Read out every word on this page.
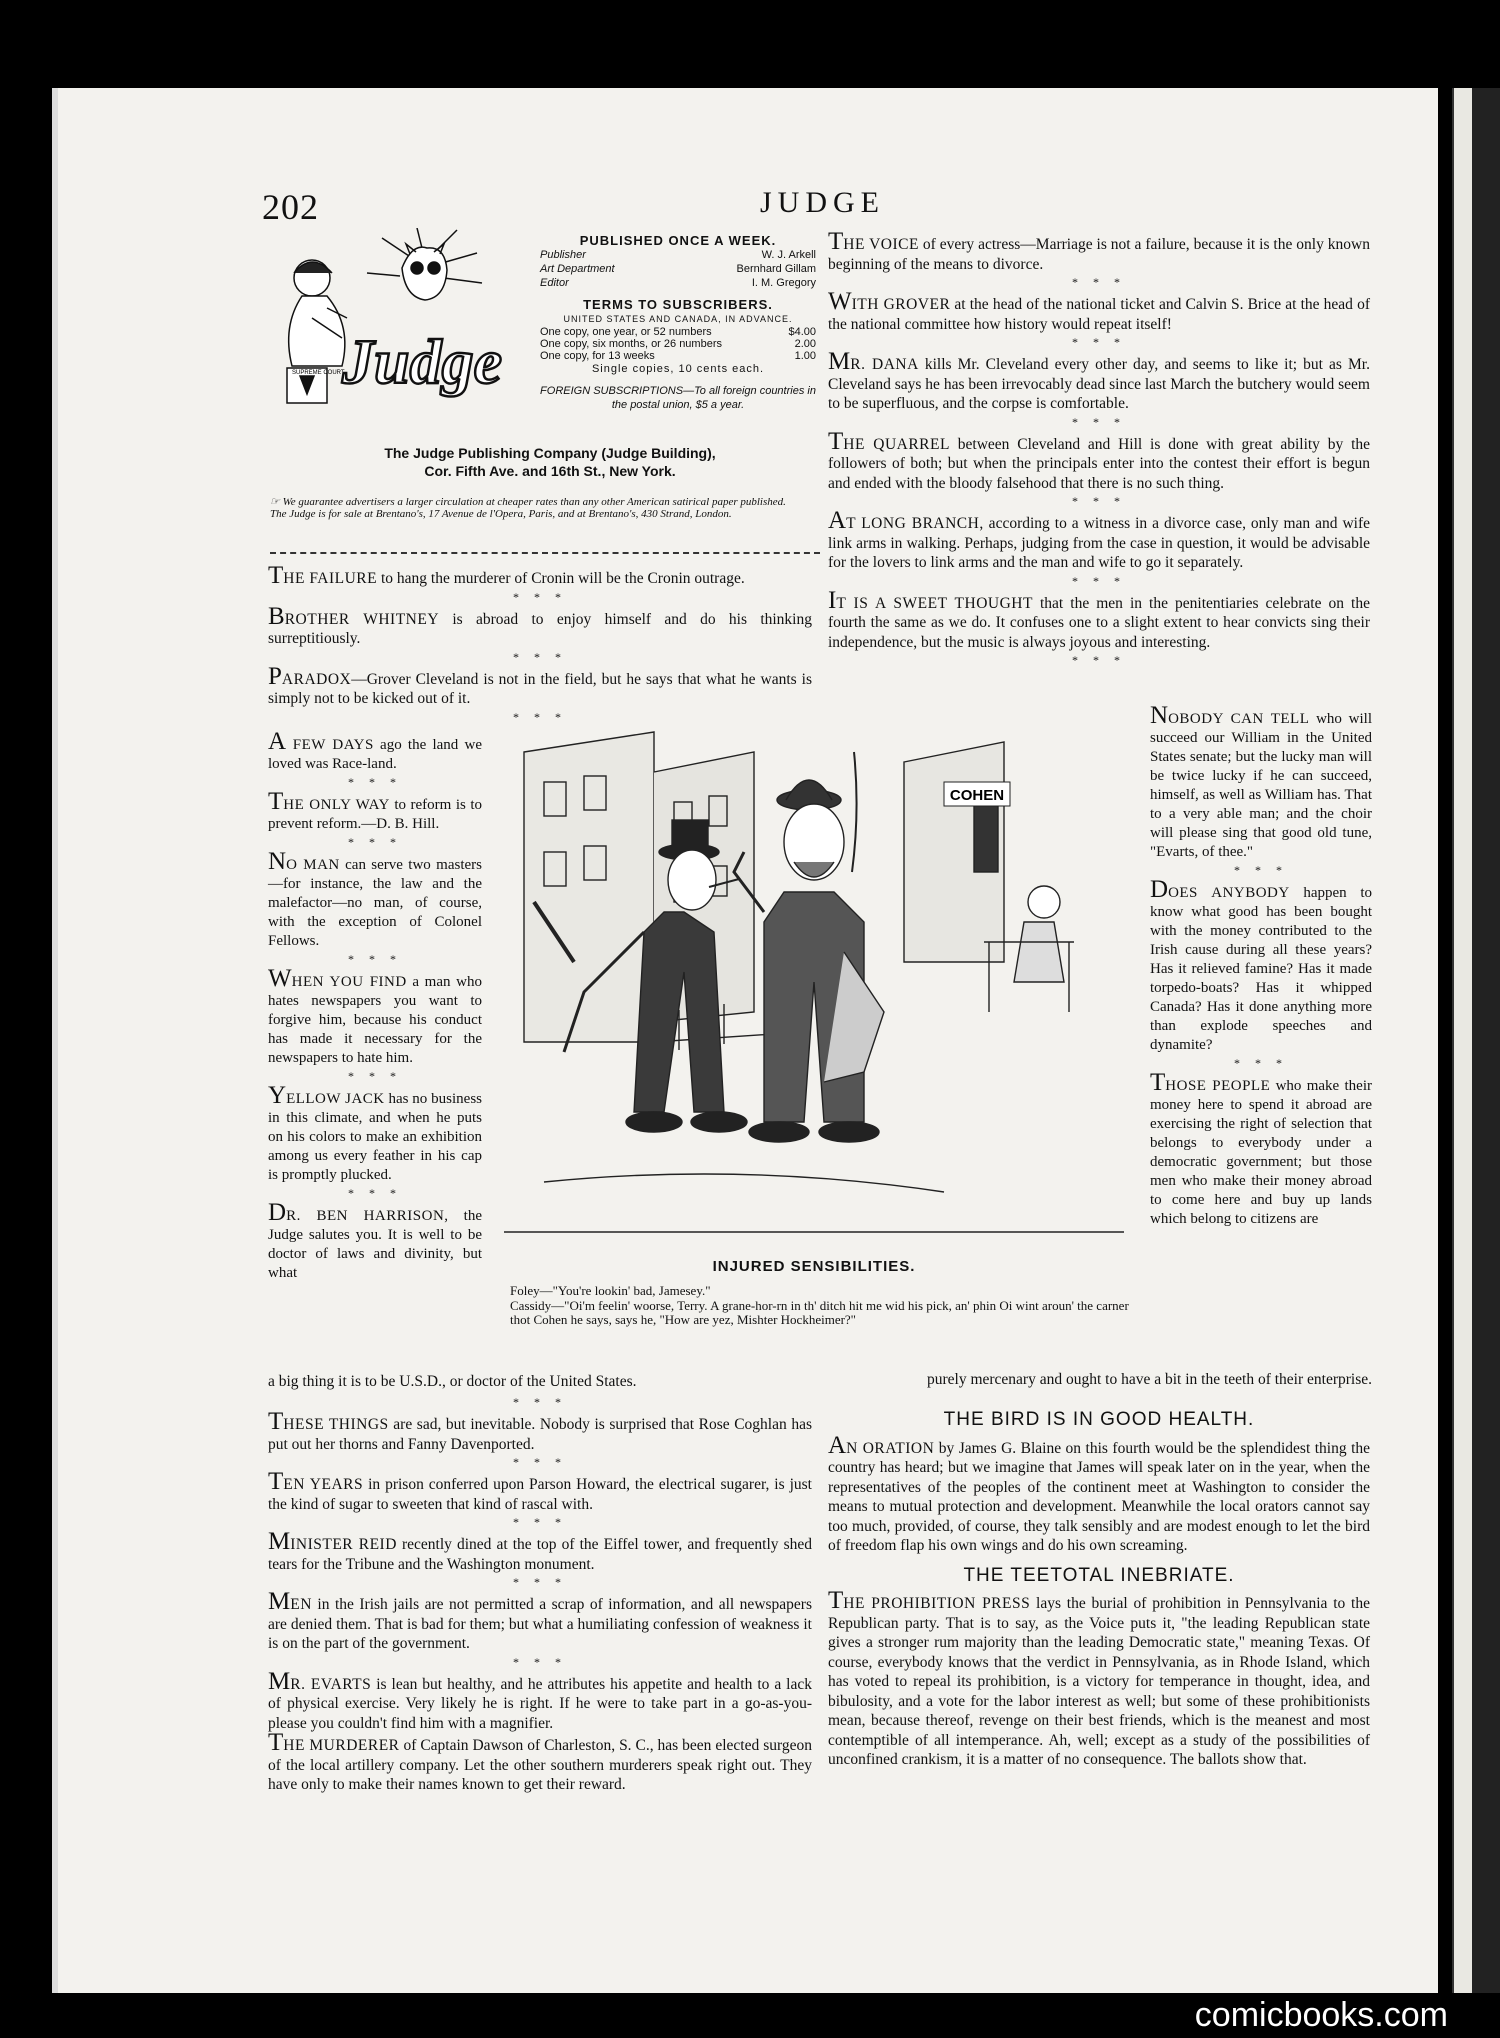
202	JUDGE
SUPREME COURT
Judge
PUBLISHED ONCE A WEEK.
Publisher	W. J. Arkell
Art Department	Bernhard Gillam
Editor	I. M. Gregory
TERMS TO SUBSCRIBERS.
UNITED STATES AND CANADA, IN ADVANCE.
One copy, one year, or 52 numbers	$4.00
One copy, six months, or 26 numbers	2.00
One copy, for 13 weeks	1.00
Single copies, 10 cents each.
FOREIGN SUBSCRIPTIONS—To all foreign countries in the postal union, $5 a year.
The Judge Publishing Company (Judge Building),
Cor. Fifth Ave. and 16th St., New York.
☞ We guarantee advertisers a larger circulation at cheaper rates than any other American satirical paper published.
The Judge is for sale at Brentano's, 17 Avenue de l'Opera, Paris, and at Brentano's, 430 Strand, London.

THE FAILURE to hang the murderer of Cronin will be the Cronin outrage.

* * *

BROTHER WHITNEY is abroad to enjoy himself and do his thinking surreptitiously.

* * *

PARADOX—Grover Cleveland is not in the field, but he says that what he wants is simply not to be kicked out of it.

* * *

A FEW DAYS ago the land we loved was Race-land.

* * *

THE ONLY WAY to reform is to prevent reform.—D. B. Hill.

* * *

NO MAN can serve two masters—for instance, the law and the malefactor—no man, of course, with the exception of Colonel Fellows.

* * *

WHEN YOU FIND a man who hates newspapers you want to forgive him, because his conduct has made it necessary for the newspapers to hate him.

* * *

YELLOW JACK has no business in this climate, and when he puts on his colors to make an exhibition among us every feather in his cap is promptly plucked.

* * *

DR. BEN HARRISON, the Judge salutes you. It is well to be doctor of laws and divinity, but what

a big thing it is to be U.S.D., or doctor of the United States.
* * *

THESE THINGS are sad, but inevitable. Nobody is surprised that Rose Coghlan has put out her thorns and Fanny Davenported.

* * *

TEN YEARS in prison conferred upon Parson Howard, the electrical sugarer, is just the kind of sugar to sweeten that kind of rascal with.

* * *

MINISTER REID recently dined at the top of the Eiffel tower, and frequently shed tears for the Tribune and the Washington monument.

* * *

MEN in the Irish jails are not permitted a scrap of information, and all newspapers are denied them. That is bad for them; but what a humiliating confession of weakness it is on the part of the government.

* * *

MR. EVARTS is lean but healthy, and he attributes his appetite and health to a lack of physical exercise. Very likely he is right. If he were to take part in a go-as-you-please you couldn't find him with a magnifier.

THE MURDERER of Captain Dawson of Charleston, S. C., has been elected surgeon of the local artillery company. Let the other southern murderers speak right out. They have only to make their names known to get their reward.

THE VOICE of every actress—Marriage is not a failure, because it is the only known beginning of the means to divorce.

* * *

WITH GROVER at the head of the national ticket and Calvin S. Brice at the head of the national committee how history would repeat itself!

* * *

MR. DANA kills Mr. Cleveland every other day, and seems to like it; but as Mr. Cleveland says he has been irrevocably dead since last March the butchery would seem to be superfluous, and the corpse is comfortable.

* * *

THE QUARREL between Cleveland and Hill is done with great ability by the followers of both; but when the principals enter into the contest their effort is begun and ended with the bloody falsehood that there is no such thing.

* * *

AT LONG BRANCH, according to a witness in a divorce case, only man and wife link arms in walking. Perhaps, judging from the case in question, it would be advisable for the lovers to link arms and the man and wife to go it separately.

* * *

IT IS A SWEET THOUGHT that the men in the penitentiaries celebrate on the fourth the same as we do. It confuses one to a slight extent to hear convicts sing their independence, but the music is always joyous and interesting.

* * *

NOBODY CAN TELL who will succeed our William in the United States senate; but the lucky man will be twice lucky if he can succeed, himself, as well as William has. That to a very able man; and the choir will please sing that good old tune, "Evarts, of thee."

* * *

DOES ANYBODY happen to know what good has been bought with the money contributed to the Irish cause during all these years? Has it relieved famine? Has it made torpedo-boats? Has it whipped Canada? Has it done anything more than explode speeches and dynamite?

* * *

THOSE PEOPLE who make their money here to spend it abroad are exercising the right of selection that belongs to everybody under a democratic government; but those men who make their money abroad to come here and buy up lands which belong to citizens are

purely mercenary and ought to have a bit in the teeth of their enterprise.
THE BIRD IS IN GOOD HEALTH.

AN ORATION by James G. Blaine on this fourth would be the splendidest thing the country has heard; but we imagine that James will speak later on in the year, when the representatives of the peoples of the continent meet at Washington to consider the means to mutual protection and development. Meanwhile the local orators cannot say too much, provided, of course, they talk sensibly and are modest enough to let the bird of freedom flap his own wings and do his own screaming.

THE TEETOTAL INEBRIATE.

THE PROHIBITION PRESS lays the burial of prohibition in Pennsylvania to the Republican party. That is to say, as the Voice puts it, "the leading Republican state gives a stronger rum majority than the leading Democratic state," meaning Texas. Of course, everybody knows that the verdict in Pennsylvania, as in Rhode Island, which has voted to repeal its prohibition, is a victory for temperance in thought, idea, and bibulosity, and a vote for the labor interest as well; but some of these prohibitionists mean, because thereof, revenge on their best friends, which is the meanest and most contemptible of all intemperance. Ah, well; except as a study of the possibilities of unconfined crankism, it is a matter of no consequence. The ballots show that.

COHEN
INJURED SENSIBILITIES.
Foley—"You're lookin' bad, Jamesey."
Cassidy—"Oi'm feelin' woorse, Terry. A grane-hor-rn in th' ditch hit me wid his pick, an' phin Oi wint aroun' the carner thot Cohen he says, says he, "How are yez, Mishter Hockheimer?"
comicbooks.com
